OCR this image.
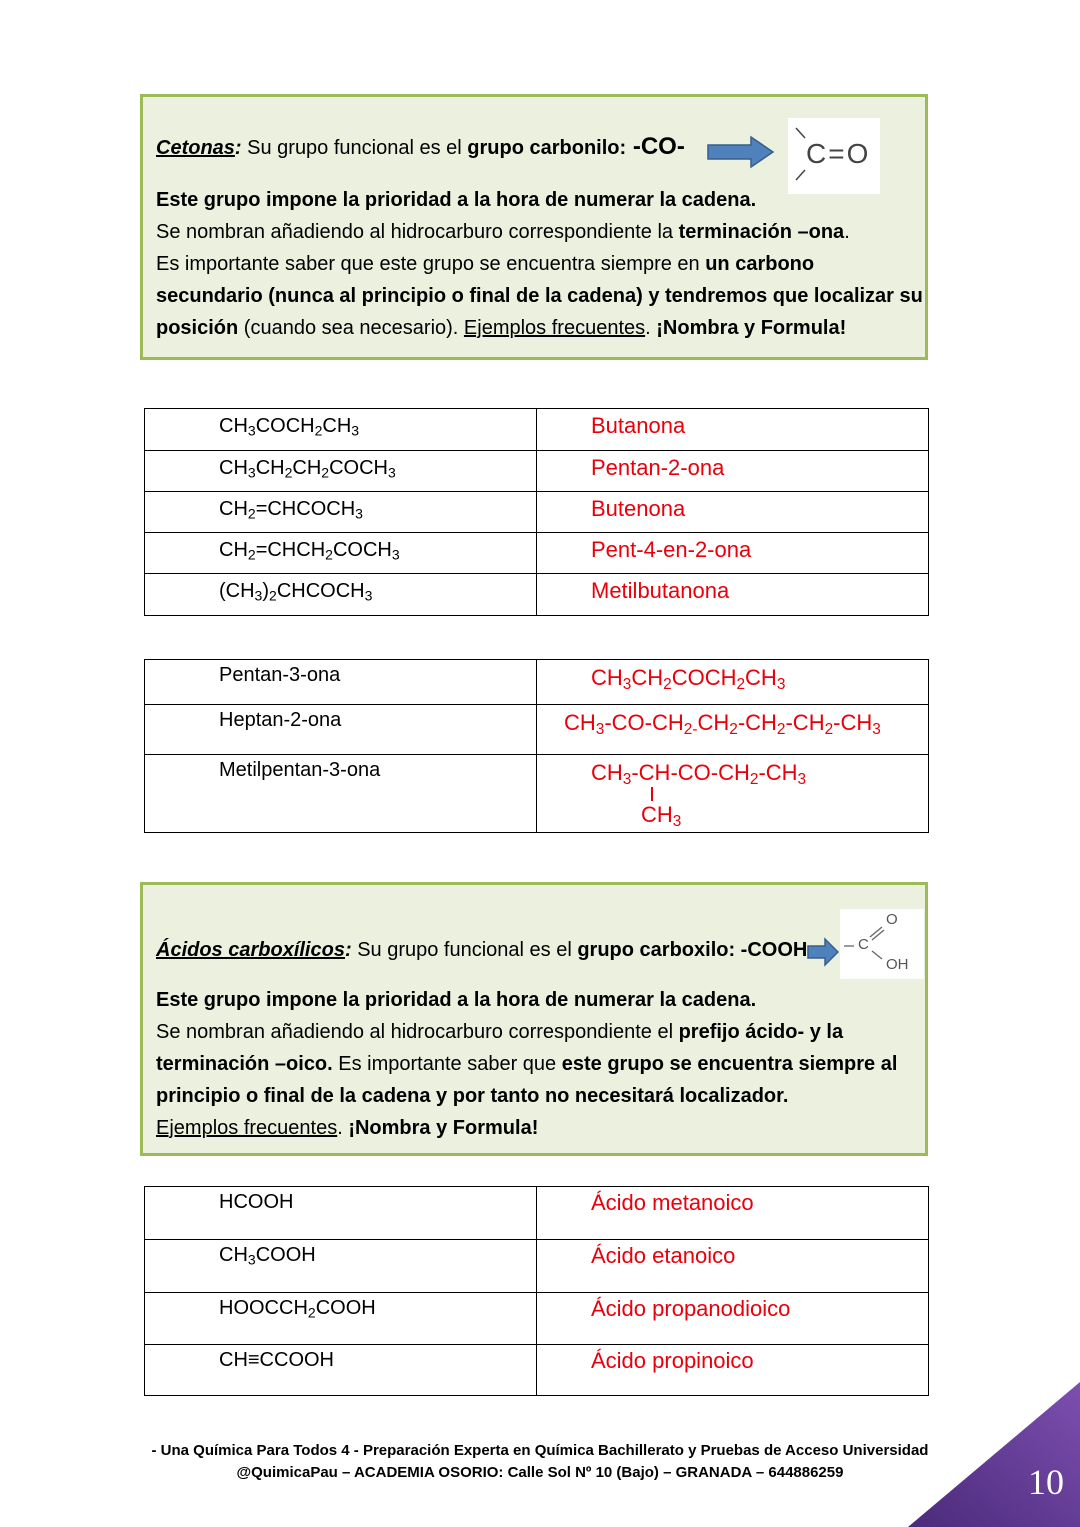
Cetonas: Su grupo funcional es el grupo carbonilo: -CO-

Este grupo impone la prioridad a la hora de numerar la cadena.

Se nombran añadiendo al hidrocarburo correspondiente la terminación –ona.

Es importante saber que este grupo se encuentra siempre en un carbono

secundario (nunca al principio o final de la cadena) y tendremos que localizar su

posición (cuando sea necesario). Ejemplos frecuentes. ¡Nombra y Formula!

C=O
$CH_3COCH_2CH_3$	Butanona
$CH_3CH_2CH_2COCH_3$	Pentan-2-ona
$CH_2=CHCOCH_3$	Butenona
$CH_2=CHCH_2COCH_3$	Pent-4-en-2-ona
$(CH_3)_2CHCOCH_3$	Metilbutanona
Pentan-3-ona	$CH_3CH_2COCH_2CH_3$
Heptan-2-ona	$CH_3-CO-CH_{2-}CH_2-CH_2-CH_2-CH_3$
Metilpentan-3-ona	$CH_3-CH-CO-CH_2-CH_3$
$CH_3$

Ácidos carboxílicos: Su grupo funcional es el grupo carboxilo: -COOH

Este grupo impone la prioridad a la hora de numerar la cadena.

Se nombran añadiendo al hidrocarburo correspondiente el prefijo ácido- y la

terminación –oico. Es importante saber que este grupo se encuentra siempre al

principio o final de la cadena y por tanto no necesitará localizador.

Ejemplos frecuentes. ¡Nombra y Formula!

O
C
OH
HCOOH	Ácido metanoico
$CH_3COOH$	Ácido etanoico
$HOOCCH_2COOH$	Ácido propanodioico
CH≡CCOOH	Ácido propinoico
- Una Química Para Todos 4 - Preparación Experta en Química Bachillerato y Pruebas de Acceso Universidad
@QuimicaPau – ACADEMIA OSORIO: Calle Sol Nº 10 (Bajo) – GRANADA – 644886259	10
